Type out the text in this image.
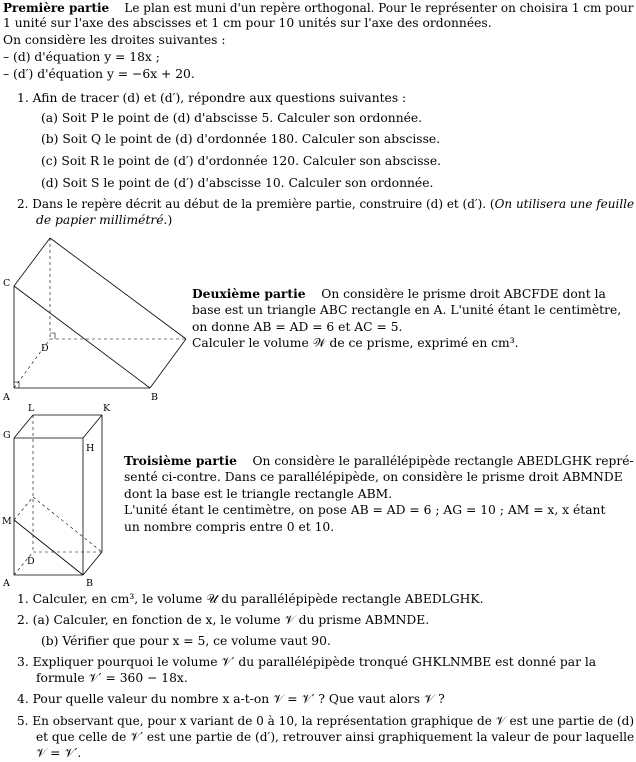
Première partie Le plan est muni d'un repère orthogonal. Pour le représenter on choisira 1 cm pour
1 unité sur l'axe des abscisses et 1 cm pour 10 unités sur l'axe des ordonnées.
On considère les droites suivantes :
– (d) d'équation y = 18x ;
– (d′) d'équation y = −6x + 20.
1. Afin de tracer (d) et (d′), répondre aux questions suivantes :
(a) Soit P le point de (d) d'abscisse 5. Calculer son ordonnée.
(b) Soit Q le point de (d) d'ordonnée 180. Calculer son abscisse.
(c) Soit R le point de (d′) d'ordonnée 120. Calculer son abscisse.
(d) Soit S le point de (d′) d'abscisse 10. Calculer son ordonnée.
2. Dans le repère décrit au début de la première partie, construire (d) et (d′). (On utilisera une feuille
de papier millimétré.)
C
D
A	B
Deuxième partie On considère le prisme droit ABCFDE dont la
base est un triangle ABC rectangle en A. L'unité étant le centimètre,
on donne AB = AD = 6 et AC = 5.
Calculer le volume 𝒲 de ce prisme, exprimé en cm³.
L	K
G
H
M
D
A	B
Troisième partie On considère le parallélépipède rectangle ABEDLGHK repré-
senté ci-contre. Dans ce parallélépipède, on considère le prisme droit ABMNDE
dont la base est le triangle rectangle ABM.
L'unité étant le centimètre, on pose AB = AD = 6 ; AG = 10 ; AM = x, x étant
un nombre compris entre 0 et 10.
1. Calculer, en cm³, le volume 𝒰 du parallélépipède rectangle ABEDLGHK.
2. (a) Calculer, en fonction de x, le volume 𝒱 du prisme ABMNDE.
(b) Vérifier que pour x = 5, ce volume vaut 90.
3. Expliquer pourquoi le volume 𝒱′ du parallélépipède tronqué GHKLNMBE est donné par la
formule 𝒱′ = 360 − 18x.
4. Pour quelle valeur du nombre x a-t-on 𝒱 = 𝒱′ ? Que vaut alors 𝒱 ?
5. En observant que, pour x variant de 0 à 10, la représentation graphique de 𝒱 est une partie de (d)
et que celle de 𝒱′ est une partie de (d′), retrouver ainsi graphiquement la valeur de pour laquelle
𝒱 = 𝒱′.
